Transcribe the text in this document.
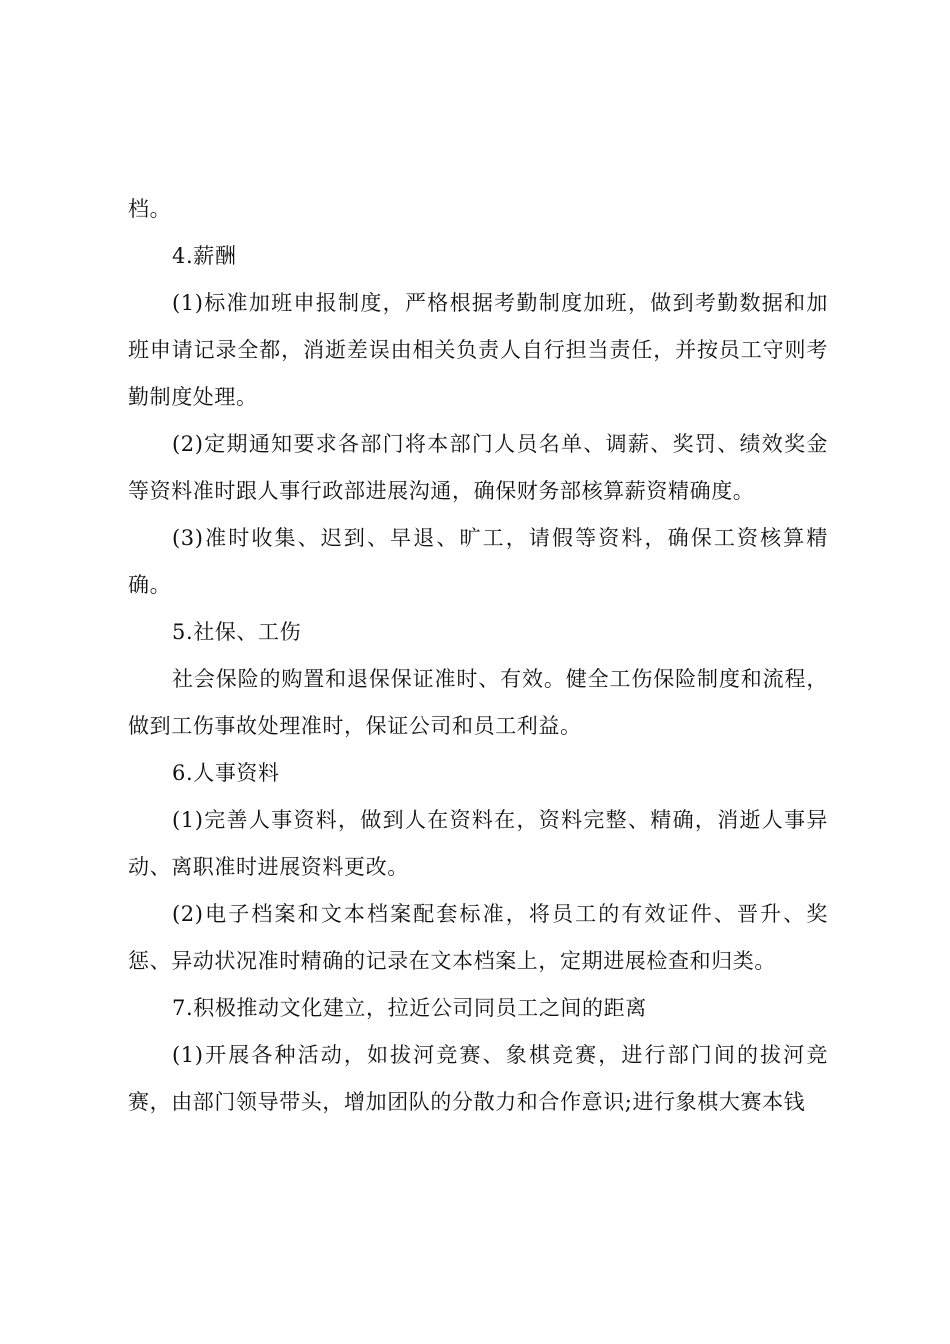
档。

4.薪酬

(1)标准加班申报制度，严格根据考勤制度加班，做到考勤数据和加班申请记录全都，消逝差误由相关负责人自行担当责任，并按员工守则考勤制度处理。

(2)定期通知要求各部门将本部门人员名单、调薪、奖罚、绩效奖金等资料准时跟人事行政部进展沟通，确保财务部核算薪资精确度。

(3)准时收集、迟到、早退、旷工，请假等资料，确保工资核算精确。

5.社保、工伤

社会保险的购置和退保保证准时、有效。健全工伤保险制度和流程，做到工伤事故处理准时，保证公司和员工利益。

6.人事资料

(1)完善人事资料，做到人在资料在，资料完整、精确，消逝人事异动、离职准时进展资料更改。

(2)电子档案和文本档案配套标准，将员工的有效证件、晋升、奖惩、异动状况准时精确的记录在文本档案上，定期进展检查和归类。

7.积极推动文化建立，拉近公司同员工之间的距离

(1)开展各种活动，如拔河竞赛、象棋竞赛，进行部门间的拔河竞赛，由部门领导带头，增加团队的分散力和合作意识;进行象棋大赛本钱
